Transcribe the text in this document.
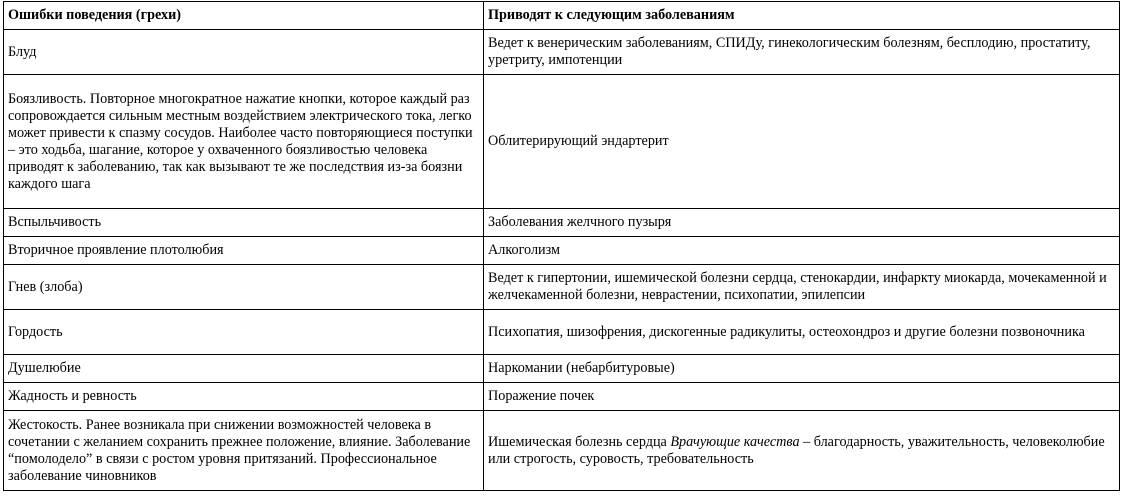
Ошибки поведения (грехи)	Приводят к следующим заболеваниям
Блуд	Ведет к венерическим заболеваниям, СПИДу, гинекологическим болезням, бесплодию, простатиту, уретриту, импотенции
Боязливость. Повторное многократное нажатие кнопки, которое каждый раз сопровождается сильным местным воздействием электрического тока, легко может привести к спазму сосудов. Наиболее часто повторяющиеся поступки – это ходьба, шагание, которое у охваченного боязливостью человека приводят к заболеванию, так как вызывают те же последствия из-за боязни каждого шага	Облитерирующий эндартерит
Вспыльчивость	Заболевания желчного пузыря
Вторичное проявление плотолюбия	Алкоголизм
Гнев (злоба)	Ведет к гипертонии, ишемической болезни сердца, стенокардии, инфаркту миокарда, мочекаменной и желчекаменной болезни, неврастении, психопатии, эпилепсии
Гордость	Психопатия, шизофрения, дискогенные радикулиты, остеохондроз и другие болезни позвоночника
Душелюбие	Наркомании (небарбитуровые)
Жадность и ревность	Поражение почек
Жестокость. Ранее возникала при снижении возможностей человека в сочетании с желанием сохранить прежнее положение, влияние. Заболевание “помолодело” в связи с ростом уровня притязаний. Профессиональное заболевание чиновников	Ишемическая болезнь сердца Врачующие качества – благодарность, уважительность, человеколюбие или строгость, суровость, требовательность
